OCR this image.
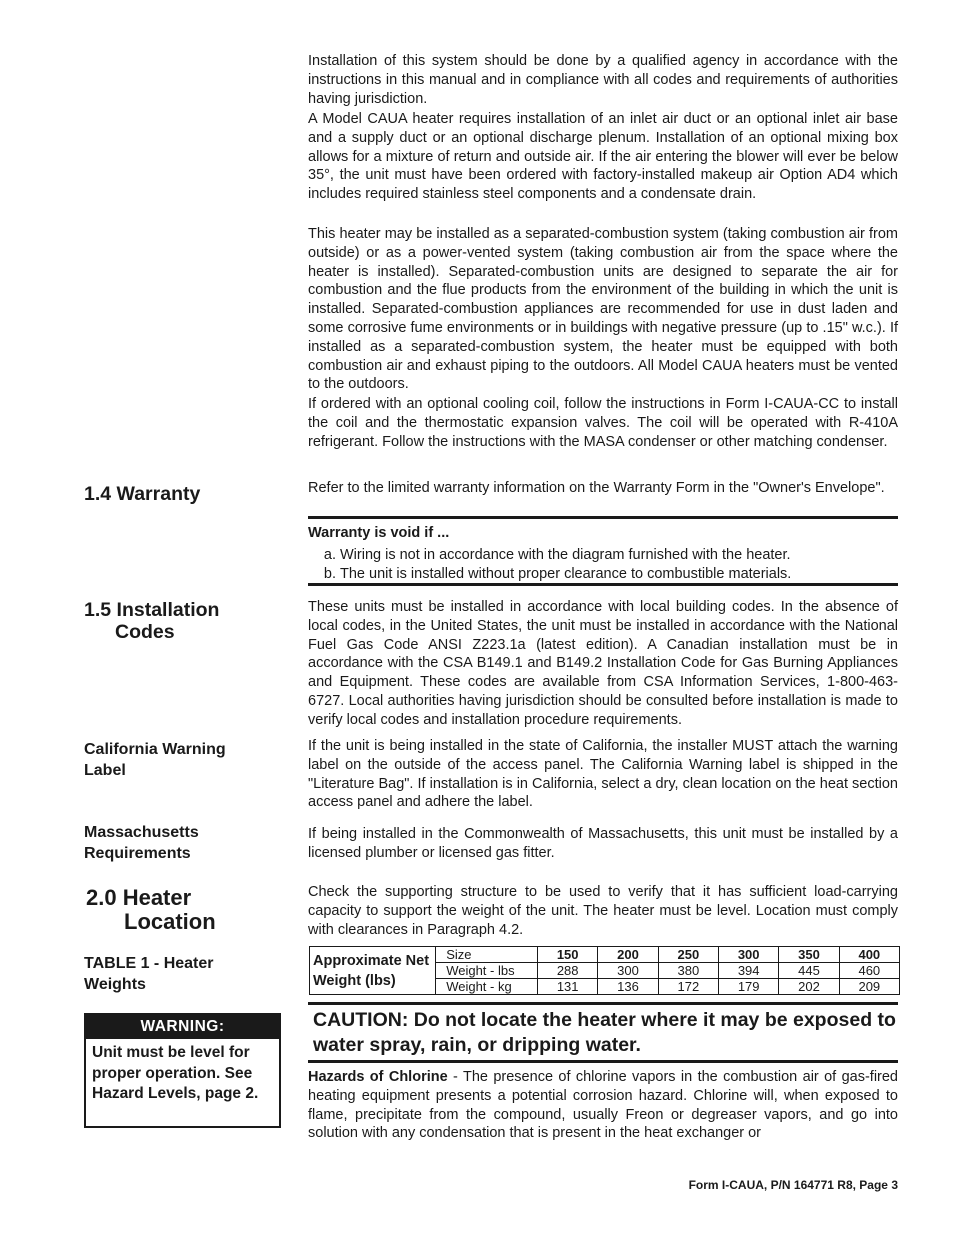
Installation of this system should be done by a qualified agency in accordance with the instructions in this manual and in compliance with all codes and requirements of authorities having jurisdiction.

A Model CAUA heater requires installation of an inlet air duct or an optional inlet air base and a supply duct or an optional discharge plenum. Installation of an optional mixing box allows for a mixture of return and outside air. If the air entering the blower will ever be below 35°, the unit must have been ordered with factory-installed makeup air Option AD4 which includes required stainless steel components and a condensate drain.

This heater may be installed as a separated-combustion system (taking combustion air from outside) or as a power-vented system (taking combustion air from the space where the heater is installed). Separated-combustion units are designed to separate the air for combustion and the flue products from the environment of the building in which the unit is installed. Separated-combustion appliances are recommended for use in dust laden and some corrosive fume environments or in buildings with negative pressure (up to .15" w.c.). If installed as a separated-combustion system, the heater must be equipped with both combustion air and exhaust piping to the outdoors. All Model CAUA heaters must be vented to the outdoors.

If ordered with an optional cooling coil, follow the instructions in Form I-CAUA-CC to install the coil and the thermostatic expansion valves. The coil will be operated with R-410A refrigerant. Follow the instructions with the MASA condenser or other matching condenser.

1.4 Warranty	Refer to the limited warranty information on the Warranty Form in the "Owner's Envelope".

Warranty is void if ...

a. Wiring is not in accordance with the diagram furnished with the heater.
b. The unit is installed without proper clearance to combustible materials.
1.5 Installation
Codes

These units must be installed in accordance with local building codes. In the absence of local codes, in the United States, the unit must be installed in accordance with the National Fuel Gas Code ANSI Z223.1a (latest edition). A Canadian installation must be in accordance with the CSA B149.1 and B149.2 Installation Code for Gas Burning Appliances and Equipment. These codes are available from CSA Information Services, 1-800-463-6727. Local authorities having jurisdiction should be consulted before installation is made to verify local codes and installation procedure requirements.

California Warning
Label

If the unit is being installed in the state of California, the installer MUST attach the warning label on the outside of the access panel. The California Warning label is shipped in the "Literature Bag". If installation is in California, select a dry, clean location on the heat section access panel and adhere the label.

Massachusetts
Requirements

If being installed in the Commonwealth of Massachusetts, this unit must be installed by a licensed plumber or licensed gas fitter.

2.0 Heater
Location

Check the supporting structure to be used to verify that it has sufficient load-carrying capacity to support the weight of the unit. The heater must be level. Location must comply with clearances in Paragraph 4.2.

TABLE 1 - Heater
Weights
Approximate Net Weight (lbs)	Size	150	200	250	300	350	400
	Weight - lbs	288	300	380	394	445	460
	Weight - kg	131	136	172	179	202	209
WARNING:
Unit must be level for proper operation. See Hazard Levels, page 2.

CAUTION: Do not locate the heater where it may be exposed to water spray, rain, or dripping water.

Hazards of Chlorine - The presence of chlorine vapors in the combustion air of gas-fired heating equipment presents a potential corrosion hazard. Chlorine will, when exposed to flame, precipitate from the compound, usually Freon or degreaser vapors, and go into solution with any condensation that is present in the heat exchanger or

Form I-CAUA, P/N 164771 R8, Page 3
